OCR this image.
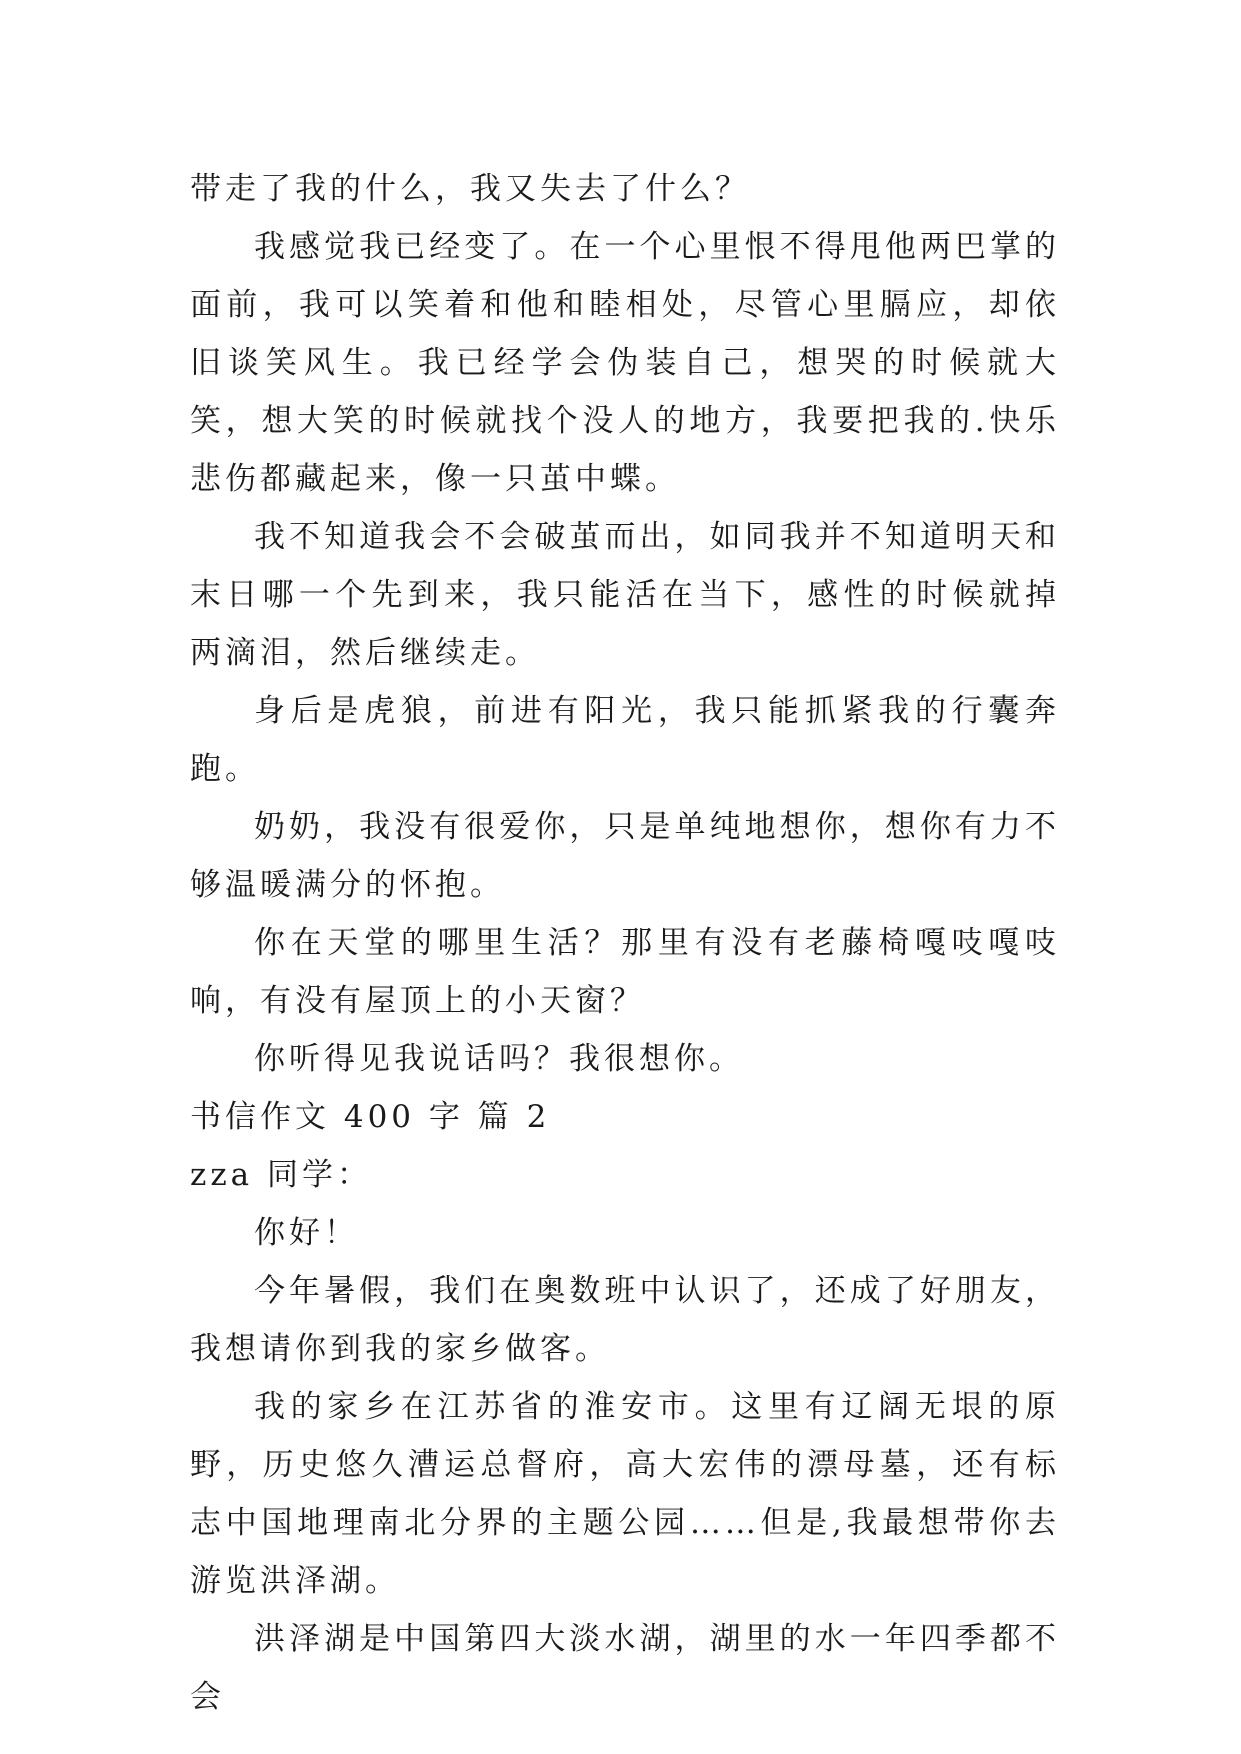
带走了我的什么，我又失去了什么？

我感觉我已经变了。在一个心里恨不得甩他两巴掌的面前，我可以笑着和他和睦相处，尽管心里膈应，却依旧谈笑风生。我已经学会伪装自己，想哭的时候就大笑，想大笑的时候就找个没人的地方，我要把我的.快乐悲伤都藏起来，像一只茧中蝶。

我不知道我会不会破茧而出，如同我并不知道明天和末日哪一个先到来，我只能活在当下，感性的时候就掉两滴泪，然后继续走。

身后是虎狼，前进有阳光，我只能抓紧我的行囊奔跑。

奶奶，我没有很爱你，只是单纯地想你，想你有力不够温暖满分的怀抱。

你在天堂的哪里生活？那里有没有老藤椅嘎吱嘎吱响，有没有屋顶上的小天窗？

你听得见我说话吗？我很想你。

书信作文 400 字 篇 2

zza 同学：

你好！

今年暑假，我们在奥数班中认识了，还成了好朋友，我想请你到我的家乡做客。

我的家乡在江苏省的淮安市。这里有辽阔无垠的原野，历史悠久漕运总督府，高大宏伟的漂母墓，还有标志中国地理南北分界的主题公园……但是,我最想带你去游览洪泽湖。

洪泽湖是中国第四大淡水湖，湖里的水一年四季都不会
